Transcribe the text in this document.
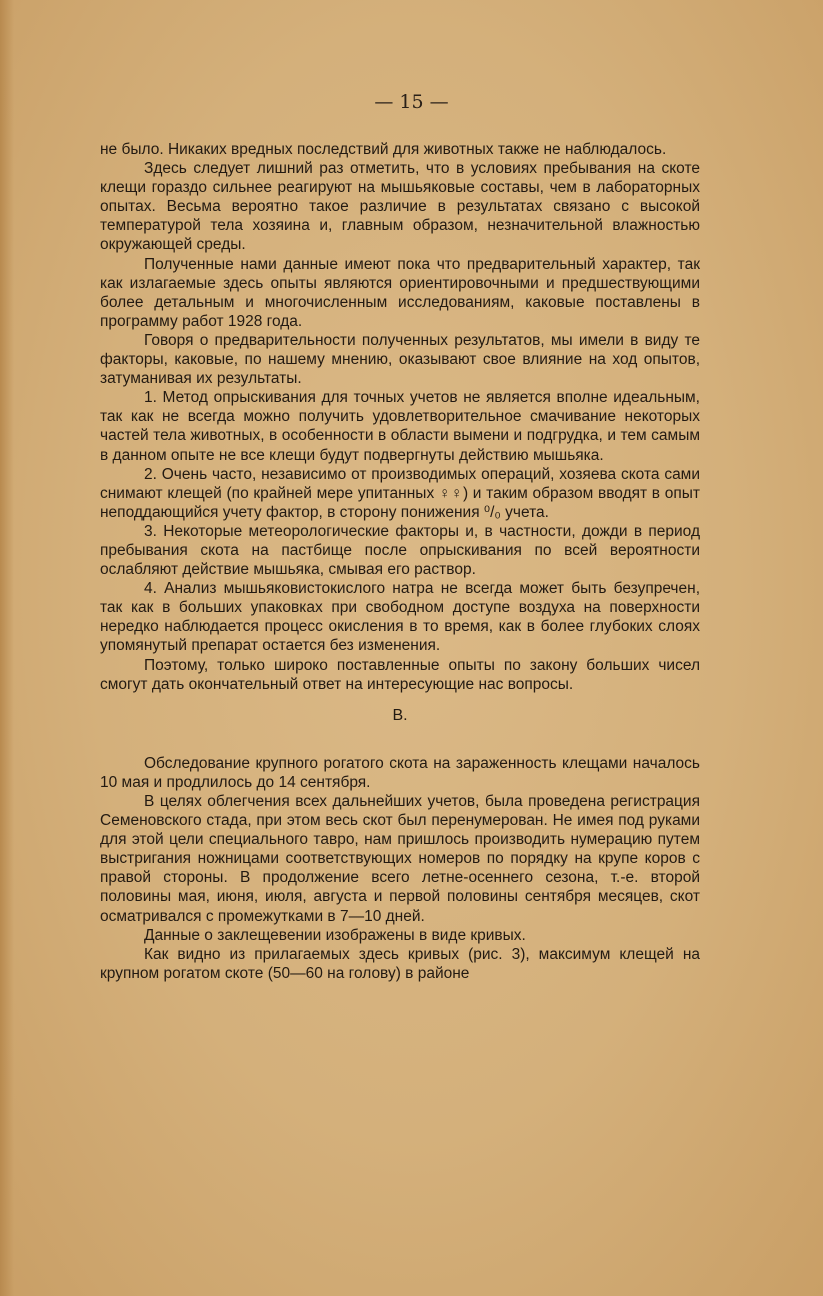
— 15 —

не было. Никаких вредных последствий для животных также не наблюдалось.

Здесь следует лишний раз отметить, что в условиях пребывания на скоте клещи гораздо сильнее реагируют на мышьяковые составы, чем в лабораторных опытах. Весьма вероятно такое различие в результатах связано с высокой температурой тела хозяина и, главным образом, незначительной влажностью окружающей среды.

Полученные нами данные имеют пока что предварительный характер, так как излагаемые здесь опыты являются ориентировочными и предшествующими более детальным и многочисленным исследованиям, каковые поставлены в программу работ 1928 года.

Говоря о предварительности полученных результатов, мы имели в виду те факторы, каковые, по нашему мнению, оказывают свое влияние на ход опытов, затуманивая их результаты.

1. Метод опрыскивания для точных учетов не является вполне идеальным, так как не всегда можно получить удовлетворительное смачивание некоторых частей тела животных, в особенности в области вымени и подгрудка, и тем самым в данном опыте не все клещи будут подвергнуты действию мышьяка.

2. Очень часто, независимо от производимых операций, хозяева скота сами снимают клещей (по крайней мере упитанных ♀♀) и таким образом вводят в опыт неподдающийся учету фактор, в сторону понижения ⁰/₀ учета.

3. Некоторые метеорологические факторы и, в частности, дожди в период пребывания скота на пастбище после опрыскивания по всей вероятности ослабляют действие мышьяка, смывая его раствор.

4. Анализ мышьяковистокислого натра не всегда может быть безупречен, так как в больших упаковках при свободном доступе воздуха на поверхности нередко наблюдается процесс окисления в то время, как в более глубоких слоях упомянутый препарат остается без изменения.

Поэтому, только широко поставленные опыты по закону больших чисел смогут дать окончательный ответ на интересующие нас вопросы.

В.

Обследование крупного рогатого скота на зараженность клещами началось 10 мая и продлилось до 14 сентября.

В целях облегчения всех дальнейших учетов, была проведена регистрация Семеновского стада, при этом весь скот был перенумерован. Не имея под руками для этой цели специального тавро, нам пришлось производить нумерацию путем выстригания ножницами соответствующих номеров по порядку на крупе коров с правой стороны. В продолжение всего летне-осеннего сезона, т.-е. второй половины мая, июня, июля, августа и первой половины сентября месяцев, скот осматривался с промежутками в 7—10 дней.

Данные о заклещевении изображены в виде кривых.

Как видно из прилагаемых здесь кривых (рис. 3), максимум клещей на крупном рогатом скоте (50—60 на голову) в районе
